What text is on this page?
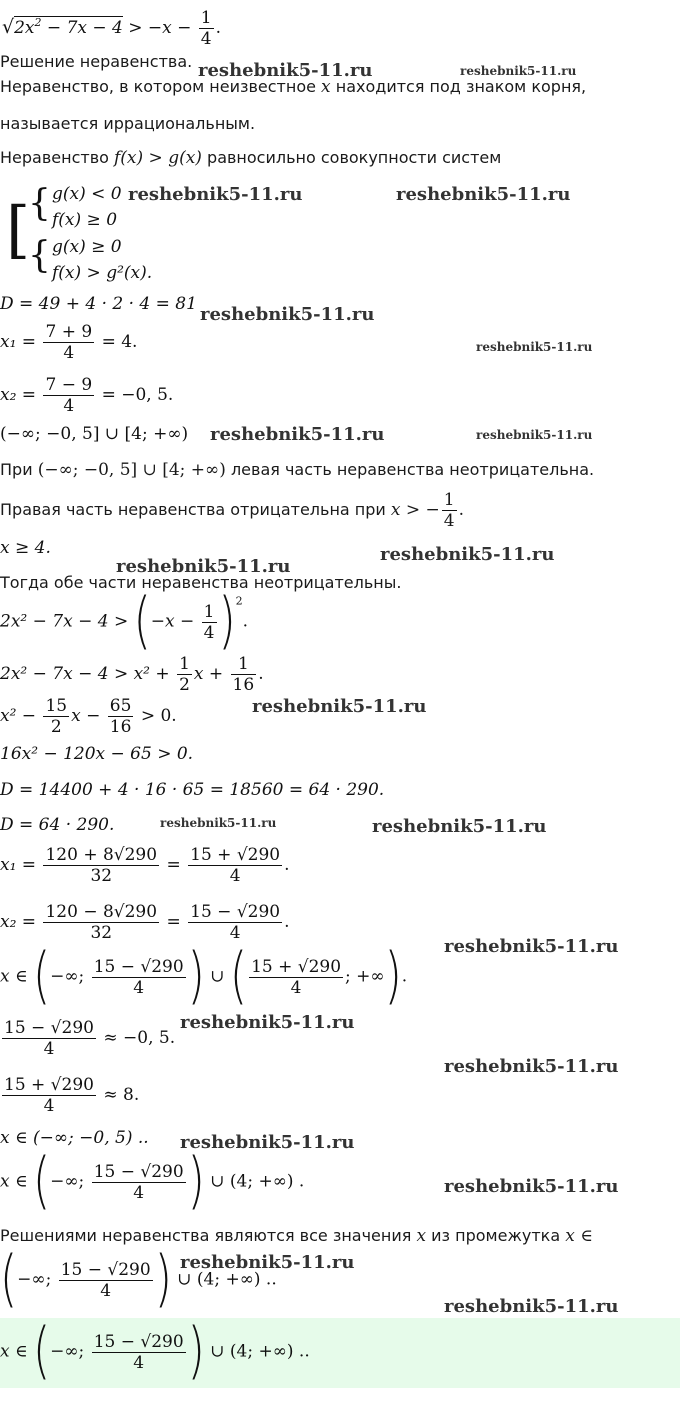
$√2x^2 - 7x - 4 > -x - \frac{1}{4}$ .
Решение неравенства. reshebnik5-11.ru	reshebnik5-11.ru
Неравенство, в котором неизвестное x находится под знаком корня,
называется иррациональным.
Неравенство f(x) > g(x) равносильно совокупности систем
[
{
{
g(x) < 0
f(x) ≥ 0
g(x) ≥ 0
f(x) > g²(x).
reshebnik5-11.ru	reshebnik5-11.ru
D = 49 + 4 · 2 · 4 = 81 reshebnik5-11.ru
$x_1 = \frac{7 + 9}{4} = 4$.	reshebnik5-11.ru
$x_2 = \frac{7 - 9}{4} = -0$, 5.
(−∞; −0, 5] ∪ [4; +∞) reshebnik5-11.ru	reshebnik5-11.ru
При (−∞; −0, 5] ∪ [4; +∞) левая часть неравенства неотрицательна.
Правая часть неравенства отрицательна при x > − $\frac{1}{4}$ .
x ≥ 4.
reshebnik5-11.ru
reshebnik5-11.ru
Тогда обе части неравенства неотрицательны.
$2x^2 - 7x - 4 > (-x - \frac{1}{4} )^2$.
$2x^2 - 7x - 4 > x^2 + \frac{1}{2}$ $x + \frac{1}{16}$ .
$x^2 - \frac{15}{2}$ $x - \frac{65}{16} > 0$.	reshebnik5-11.ru
16x² − 120x − 65 > 0.
D = 14400 + 4 · 16 · 65 = 18560 = 64 · 290.
D = 64 · 290.	reshebnik5-11.ru	reshebnik5-11.ru
$x_1 = \frac{120 + 8√290}{32} = \frac{15 + √290}{4}$ .
$x_2 = \frac{120 - 8√290}{32} = \frac{15 - √290}{4}$ .
x ∈ (−∞; $\frac{15 - √290}{4}$ ) ∪ ( $\frac{15 + √290}{4}$ ; +∞).
reshebnik5-11.ru
$\frac{15 - √290}{4} \approx -0$, 5.
reshebnik5-11.ru
reshebnik5-11.ru
$\frac{15 + √290}{4} \approx 8$.
x ∈ (−∞; −0, 5) .. reshebnik5-11.ru
x ∈ (−∞; $\frac{15 - √290}{4}$ ) ∪ (4; +∞) .	reshebnik5-11.ru
Решениями неравенства являются все значения x из промежутка x ∈
(−∞; $\frac{15 - √290}{4}$ ) ∪ (4; +∞) ..
reshebnik5-11.ru
reshebnik5-11.ru
x ∈ (−∞; $\frac{15 - √290}{4}$ ) ∪ (4; +∞) ..
